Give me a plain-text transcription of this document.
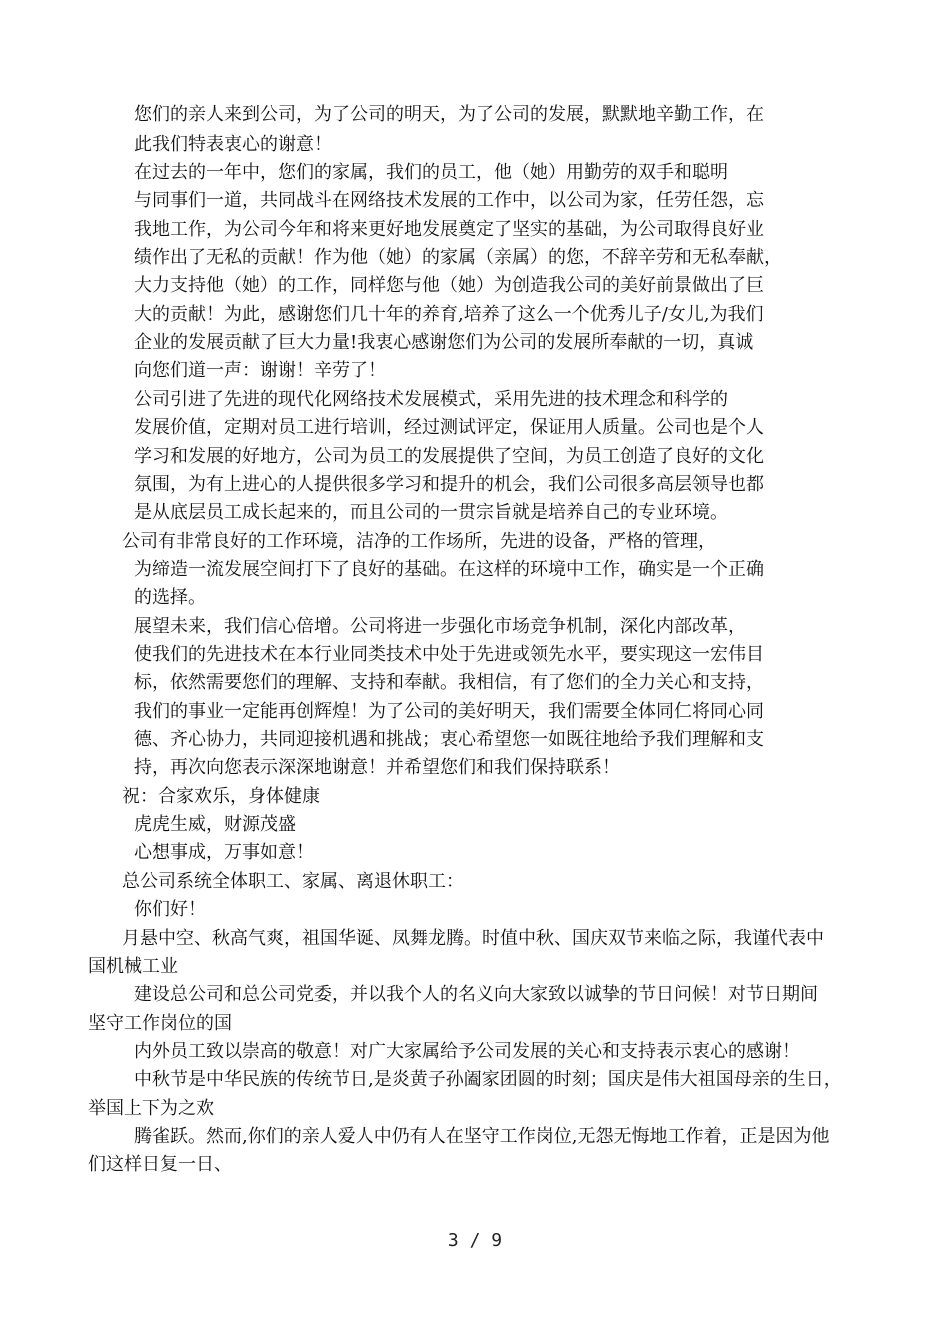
您们的亲人来到公司，为了公司的明天，为了公司的发展，默默地辛勤工作，在

此我们特表衷心的谢意！

在过去的一年中，您们的家属，我们的员工，他（她）用勤劳的双手和聪明

与同事们一道，共同战斗在网络技术发展的工作中，以公司为家，任劳任怨，忘

我地工作，为公司今年和将来更好地发展奠定了坚实的基础，为公司取得良好业

绩作出了无私的贡献！作为他（她）的家属（亲属）的您，不辞辛劳和无私奉献，

大力支持他（她）的工作，同样您与他（她）为创造我公司的美好前景做出了巨

大的贡献！为此，感谢您们几十年的养育,培养了这么一个优秀儿子/女儿,为我们

企业的发展贡献了巨大力量!我衷心感谢您们为公司的发展所奉献的一切，真诚

向您们道一声：谢谢！辛劳了！

公司引进了先进的现代化网络技术发展模式，采用先进的技术理念和科学的

发展价值，定期对员工进行培训，经过测试评定，保证用人质量。公司也是个人

学习和发展的好地方，公司为员工的发展提供了空间，为员工创造了良好的文化

氛围，为有上进心的人提供很多学习和提升的机会，我们公司很多高层领导也都

是从底层员工成长起来的，而且公司的一贯宗旨就是培养自己的专业环境。

公司有非常良好的工作环境，洁净的工作场所，先进的设备，严格的管理，

为缔造一流发展空间打下了良好的基础。在这样的环境中工作，确实是一个正确

的选择。

展望未来，我们信心倍增。公司将进一步强化市场竞争机制，深化内部改革，

使我们的先进技术在本行业同类技术中处于先进或领先水平，要实现这一宏伟目

标，依然需要您们的理解、支持和奉献。我相信，有了您们的全力关心和支持，

我们的事业一定能再创辉煌！为了公司的美好明天，我们需要全体同仁将同心同

德、齐心协力，共同迎接机遇和挑战；衷心希望您一如既往地给予我们理解和支

持，再次向您表示深深地谢意！并希望您们和我们保持联系！

祝：合家欢乐，身体健康

虎虎生威，财源茂盛

心想事成，万事如意！

总公司系统全体职工、家属、离退休职工：

你们好！

月悬中空、秋高气爽，祖国华诞、凤舞龙腾。时值中秋、国庆双节来临之际，我谨代表中

国机械工业

建设总公司和总公司党委，并以我个人的名义向大家致以诚挚的节日问候！对节日期间

坚守工作岗位的国

内外员工致以崇高的敬意！对广大家属给予公司发展的关心和支持表示衷心的感谢！

中秋节是中华民族的传统节日,是炎黄子孙阖家团圆的时刻；国庆是伟大祖国母亲的生日，

举国上下为之欢

腾雀跃。然而,你们的亲人爱人中仍有人在坚守工作岗位,无怨无悔地工作着，正是因为他

们这样日复一日、

3 / 9
